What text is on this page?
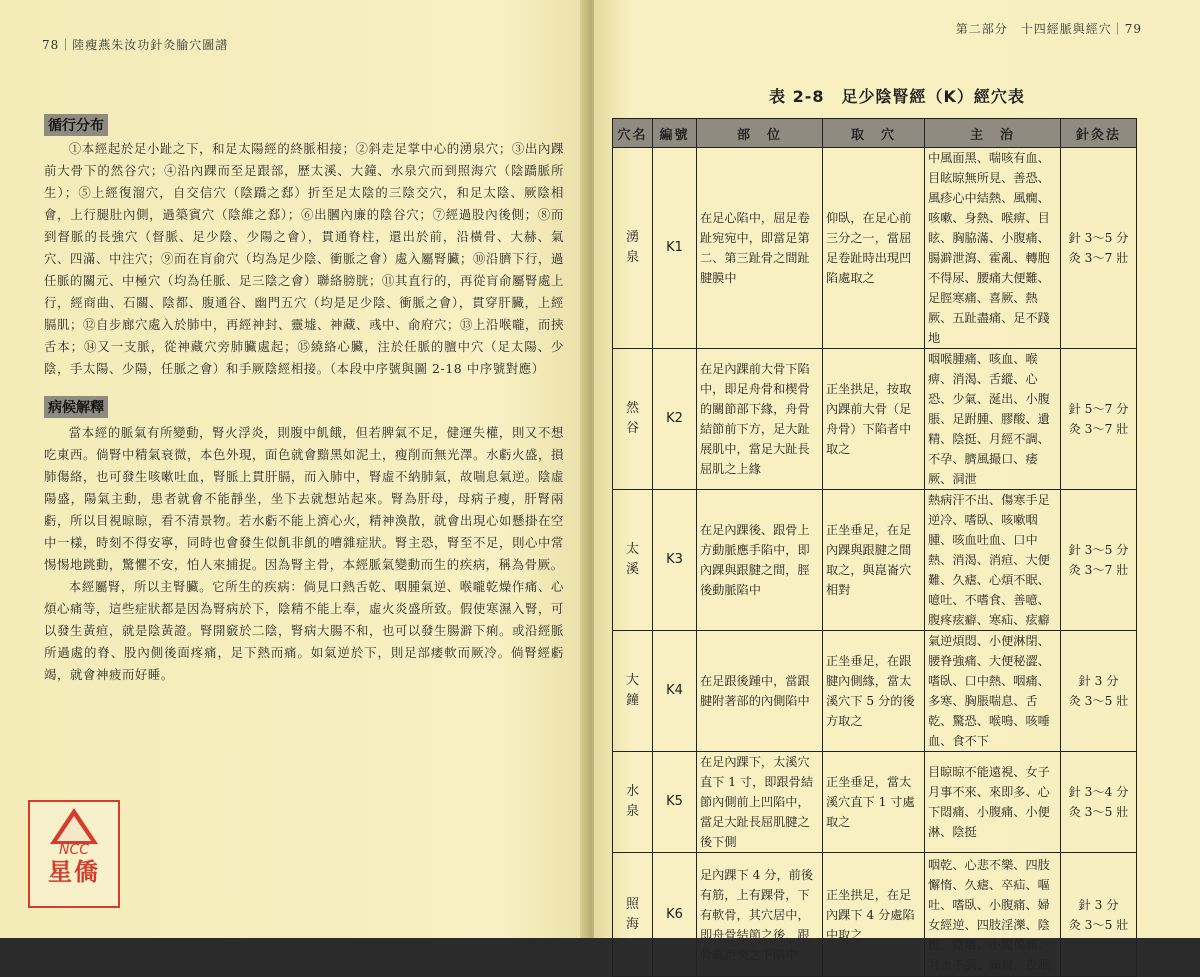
78｜陸瘦燕朱汝功針灸腧穴圖譜
循行分布

①本經起於足小趾之下，和足太陽經的終脈相接；②斜走足掌中心的湧泉穴；③出內踝前大骨下的然谷穴；④沿內踝而至足跟部，歷太溪、大鐘、水泉穴而到照海穴（陰蹻脈所生）；⑤上經復溜穴，自交信穴（陰蹻之郄）折至足太陰的三陰交穴，和足太陰、厥陰相會，上行腿肚內側，過築賓穴（陰維之郄）；⑥出膕內廉的陰谷穴；⑦經過股內後側；⑧而到督脈的長強穴（督脈、足少陰、少陽之會），貫通脊柱，還出於前，沿橫骨、大赫、氣穴、四滿、中注穴；⑨而在肓俞穴（均為足少陰、衝脈之會）處入屬腎臟；⑩沿臍下行，過任脈的關元、中極穴（均為任脈、足三陰之會）聯絡膀胱；⑪其直行的，再從肓俞屬腎處上行，經商曲、石關、陰都、腹通谷、幽門五穴（均是足少陰、衝脈之會），貫穿肝臟，上經膈肌；⑫自步廊穴處入於肺中，再經神封、靈墟、神藏、彧中、俞府穴；⑬上沿喉嚨，而挾舌本；⑭又一支脈，從神藏穴旁肺臟處起；⑮繞絡心臟，注於任脈的膻中穴（足太陽、少陰，手太陽、少陽，任脈之會）和手厥陰經相接。（本段中序號與圖 2-18 中序號對應）

病候解釋

當本經的脈氣有所變動，腎火浮炎，則腹中飢餓，但若脾氣不足，健運失權，則又不想吃東西。倘腎中精氣衰微，本色外現，面色就會黯黑如泥土，瘦削而無光澤。水虧火盛，損肺傷絡，也可發生咳嗽吐血，腎脈上貫肝膈，而入肺中，腎虛不納肺氣，故喘息氣逆。陰虛陽盛，陽氣主動，患者就會不能靜坐，坐下去就想站起來。腎為肝母，母病子瘦，肝腎兩虧，所以目視晾晾，看不清景物。若水虧不能上濟心火，精神渙散，就會出現心如懸掛在空中一樣，時刻不得安寧，同時也會發生似飢非飢的嘈雜症狀。腎主恐，腎至不足，則心中常惕惕地跳動，驚懼不安，怕人來捕捉。因為腎主骨，本經脈氣變動而生的疾病，稱為骨厥。

本經屬腎，所以主腎臟。它所生的疾病：倘見口熱舌乾、咽腫氣逆、喉嚨乾燥作痛、心煩心痛等，這些症狀都是因為腎病於下，陰精不能上奉，虛火炎盛所致。假使寒濕入腎，可以發生黃疸，就是陰黃證。腎開竅於二陰，腎病大腸不和，也可以發生腸澼下痢。或沿經脈所過處的脊、股內側後面疼痛，足下熱而痛。如氣逆於下，則足部痿軟而厥冷。倘腎經虧竭，就會神疲而好睡。

NCC
星僑
第二部分　十四經脈與經穴｜79
表 2-8　足少陰腎經（K）經穴表
穴名	編號	部　位	取　穴	主　治	針灸法

湧泉	K1	在足心陷中，屈足卷趾宛宛中，即當足第二、第三趾骨之間趾腱膜中	仰臥，在足心前三分之一，當屈足卷趾時出現凹陷處取之	中風面黑、喘咳有血、目眩晾無所見、善恐、風疹心中結熱、風癇、咳嗽、身熱、喉痹、目眩、胸脇滿、小腹痛、腸澼泄瀉、霍亂、轉胞不得尿、腰痛大便難、足脛寒痛、喜厥、熱厥、五趾盡痛、足不踐地	針 3～5 分
灸 3～7 壯

然谷	K2	在足內踝前大骨下陷中，即足舟骨和楔骨的關節部下緣，舟骨結節前下方，足大趾展肌中，當足大趾長屈肌之上緣	正坐拱足，按取內踝前大骨（足舟骨）下陷者中取之	咽喉腫痛、咳血、喉痹、消渴、舌縱、心恐、少氣、涎出、小腹脹、足跗腫、膠酸、遺精、陰挺、月經不調、不孕、臍風撮口、痿厥、洞泄	針 5～7 分
灸 3～7 壯

太溪	K3	在足內踝後、跟骨上方動脈應手陷中，即內踝與跟腱之間，脛後動脈陷中	正坐垂足，在足內踝與跟腱之間取之，與崑崙穴相對	熱病汗不出、傷寒手足逆冷、嗜臥、咳嗽咽腫、咳血吐血、口中熱、消渴、消疸、大便難、久瘧、心煩不眠、噫吐、不嗜食、善噫、腹疼痃癖、寒疝、痃癖	針 3～5 分
灸 3～7 壯

大鐘	K4	在足跟後踵中，當跟腱附著部的內側陷中	正坐垂足，在跟腱內側緣，當太溪穴下 5 分的後方取之	氣逆煩悶、小便淋閉、腰脊強痛、大便秘澀、嗜臥、口中熱、咽痛、多寒、胸脹喘息、舌乾、驚恐、喉鳴、咳唾血、食不下	針 3 分
灸 3～5 壯

水泉	K5	在足內踝下，太溪穴直下 1 寸，即跟骨結節內側前上凹陷中，當足大趾長屈肌腱之後下側	正坐垂足，當太溪穴直下 1 寸處取之	目晾晾不能遠視、女子月事不來、來即多、心下悶痛、小腹痛、小便淋、陰挺	針 3～4 分
灸 3～5 壯

照海	K6	足內踝下 4 分，前後有筋，上有踝骨，下有軟骨，其穴居中，即舟骨結節之後，跟骨載距突之下陷中	正坐拱足，在足內踝下 4 分處陷中取之	咽乾、心悲不樂、四肢懈惰、久瘧、卒疝、嘔吐、嗜臥、小腹痛、婦女經逆、四肢淫濼、陰挺、陰癢、小腹偏痛、月水不調、癲癇、夜眠	針 3 分
灸 3～5 壯
